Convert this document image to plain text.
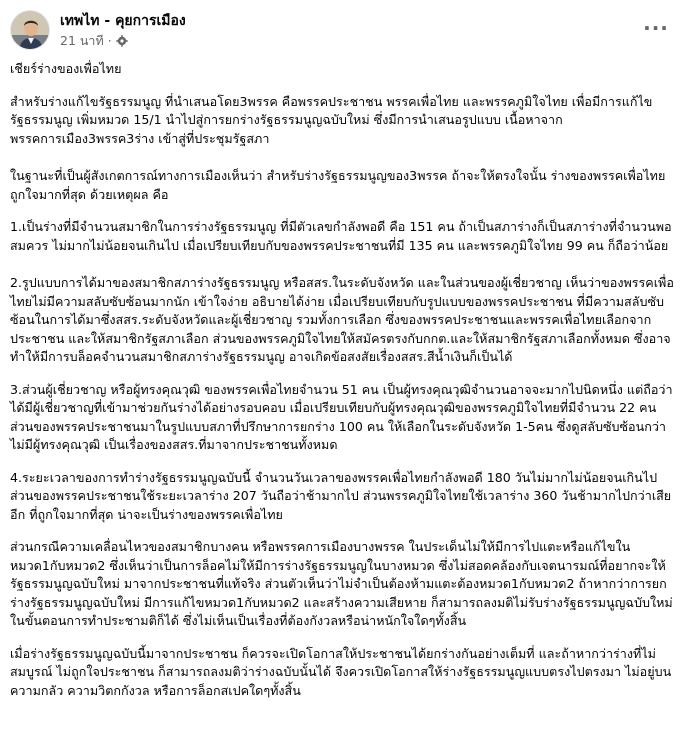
เทพไท - คุยการเมือง
21 นาที ·
···

เชียร์ร่างของเพื่อไทย

สำหรับร่างแก้ไขรัฐธรรมนูญ ที่นำเสนอโดย3พรรค คือพรรคประชาชน พรรคเพื่อไทย และพรรคภูมิใจไทย เพื่อมีการแก้ไขรัฐธรรมนูญ เพิ่มหมวด 15/1 นำไปสู่การยกร่างรัฐธรรมนูญฉบับใหม่ ซึ่งมีการนำเสนอรูปแบบ เนื้อหาจากพรรคการเมือง3พรรค3ร่าง เข้าสู่ที่ประชุมรัฐสภา

ในฐานะที่เป็นผู้สังเกตการณ์ทางการเมืองเห็นว่า สำหรับร่างรัฐธรรมนูญของ3พรรค ถ้าจะให้ตรงใจนั้น ร่างของพรรคเพื่อไทย ถูกใจมากที่สุด ด้วยเหตุผล คือ

1.เป็นร่างที่มีจำนวนสมาชิกในการร่างรัฐธรรมนูญ ที่มีตัวเลขกำลังพอดี คือ 151 คน ถ้าเป็นสภาร่างก็เป็นสภาร่างที่จำนวนพอสมควร ไม่มากไม่น้อยจนเกินไป เมื่อเปรียบเทียบกับของพรรคประชาชนที่มี 135 คน และพรรคภูมิใจไทย 99 คน ก็ถือว่าน้อย

2.รูปแบบการได้มาของสมาชิกสภาร่างรัฐธรรมนูญ หรือสสร.ในระดับจังหวัด และในส่วนของผู้เชี่ยวชาญ เห็นว่าของพรรคเพื่อไทยไม่มีความสลับซับซ้อนมากนัก เข้าใจง่าย อธิบายได้ง่าย เมื่อเปรียบเทียบกับรูปแบบของพรรคประชาชน ที่มีความสลับซับซ้อนในการได้มาซึ่งสสร.ระดับจังหวัดและผู้เชี่ยวชาญ รวมทั้งการเลือก ซึ่งของพรรคประชาชนและพรรคเพื่อไทยเลือกจากประชาชน และให้สมาชิกรัฐสภาเลือก ส่วนของพรรคภูมิใจไทยให้สมัครตรงกับกกต.และให้สมาชิกรัฐสภาเลือกทั้งหมด ซึ่งอาจทำให้มีการบล็อคจำนวนสมาชิกสภาร่างรัฐธรรมนูญ อาจเกิดข้อสงสัยเรื่องสสร.สีน้ำเงินก็เป็นได้

3.ส่วนผู้เชี่ยวชาญ หรือผู้ทรงคุณวุฒิ ของพรรคเพื่อไทยจำนวน 51 คน เป็นผู้ทรงคุณวุฒิจำนวนอาจจะมากไปนิดหนึ่ง แต่ถือว่าได้มีผู้เชี่ยวชาญที่เข้ามาช่วยกันร่างได้อย่างรอบคอบ เมื่อเปรียบเทียบกับผู้ทรงคุณวุฒิของพรรคภูมิใจไทยที่มีจำนวน 22 คน ส่วนของพรรคประชาชนมาในรูปแบบสภาที่ปรึกษาการยกร่าง 100 คน ให้เลือกในระดับจังหวัด 1-5คน ซึ่งดูสลับซับซ้อนกว่า ไม่มีผู้ทรงคุณวุฒิ เป็นเรื่องของสสร.ที่มาจากประชาชนทั้งหมด

4.ระยะเวลาของการทำร่างรัฐธรรมนูญฉบับนี้ จำนวนวันเวลาของพรรคเพื่อไทยกำลังพอดี 180 วันไม่มากไม่น้อยจนเกินไป ส่วนของพรรคประชาชนใช้ระยะเวลาร่าง 207 วันถือว่าช้ามากไป ส่วนพรรคภูมิใจไทยใช้เวลาร่าง 360 วันช้ามากไปกว่าเสียอีก ที่ถูกใจมากที่สุด น่าจะเป็นร่างของพรรคเพื่อไทย

ส่วนกรณีความเคลื่อนไหวของสมาชิกบางคน หรือพรรคการเมืองบางพรรค ในประเด็นไม่ให้มีการไปแตะหรือแก้ไขในหมวด1กับหมวด2 ซึ่งเห็นว่าเป็นการล็อคไม่ให้มีการร่างรัฐธรรมนูญในบางหมวด ซึ่งไม่สอดคล้องกับเจตนารมณ์ที่อยากจะให้รัฐธรรมนูญฉบับใหม่ มาจากประชาชนที่แท้จริง ส่วนตัวเห็นว่าไม่จำเป็นต้องห้ามแตะต้องหมวด1กับหมวด2 ถ้าหากว่าการยกร่างรัฐธรรมนูญฉบับใหม่ มีการแก้ไขหมวด1กับหมวด2 และสร้างความเสียหาย ก็สามารถลงมติไม่รับร่างรัฐธรรมนูญฉบับใหม่ ในขั้นตอนการทำประชามติก็ได้ ซึ่งไม่เห็นเป็นเรื่องที่ต้องกังวลหรือน่าหนักใจใดๆทั้งสิ้น

เมื่อร่างรัฐธรรมนูญฉบับนี้มาจากประชาชน ก็ควรจะเปิดโอกาสให้ประชาชนได้ยกร่างกันอย่างเต็มที่ และถ้าหากว่าร่างที่ไม่สมบูรณ์ ไม่ถูกใจประชาชน ก็สามารถลงมติว่าร่างฉบับนั้นได้ จึงควรเปิดโอกาสให้ร่างรัฐธรรมนูญแบบตรงไปตรงมา ไม่อยู่บนความกลัว ความวิตกกังวล หรือการล็อกสเปคใดๆทั้งสิ้น
